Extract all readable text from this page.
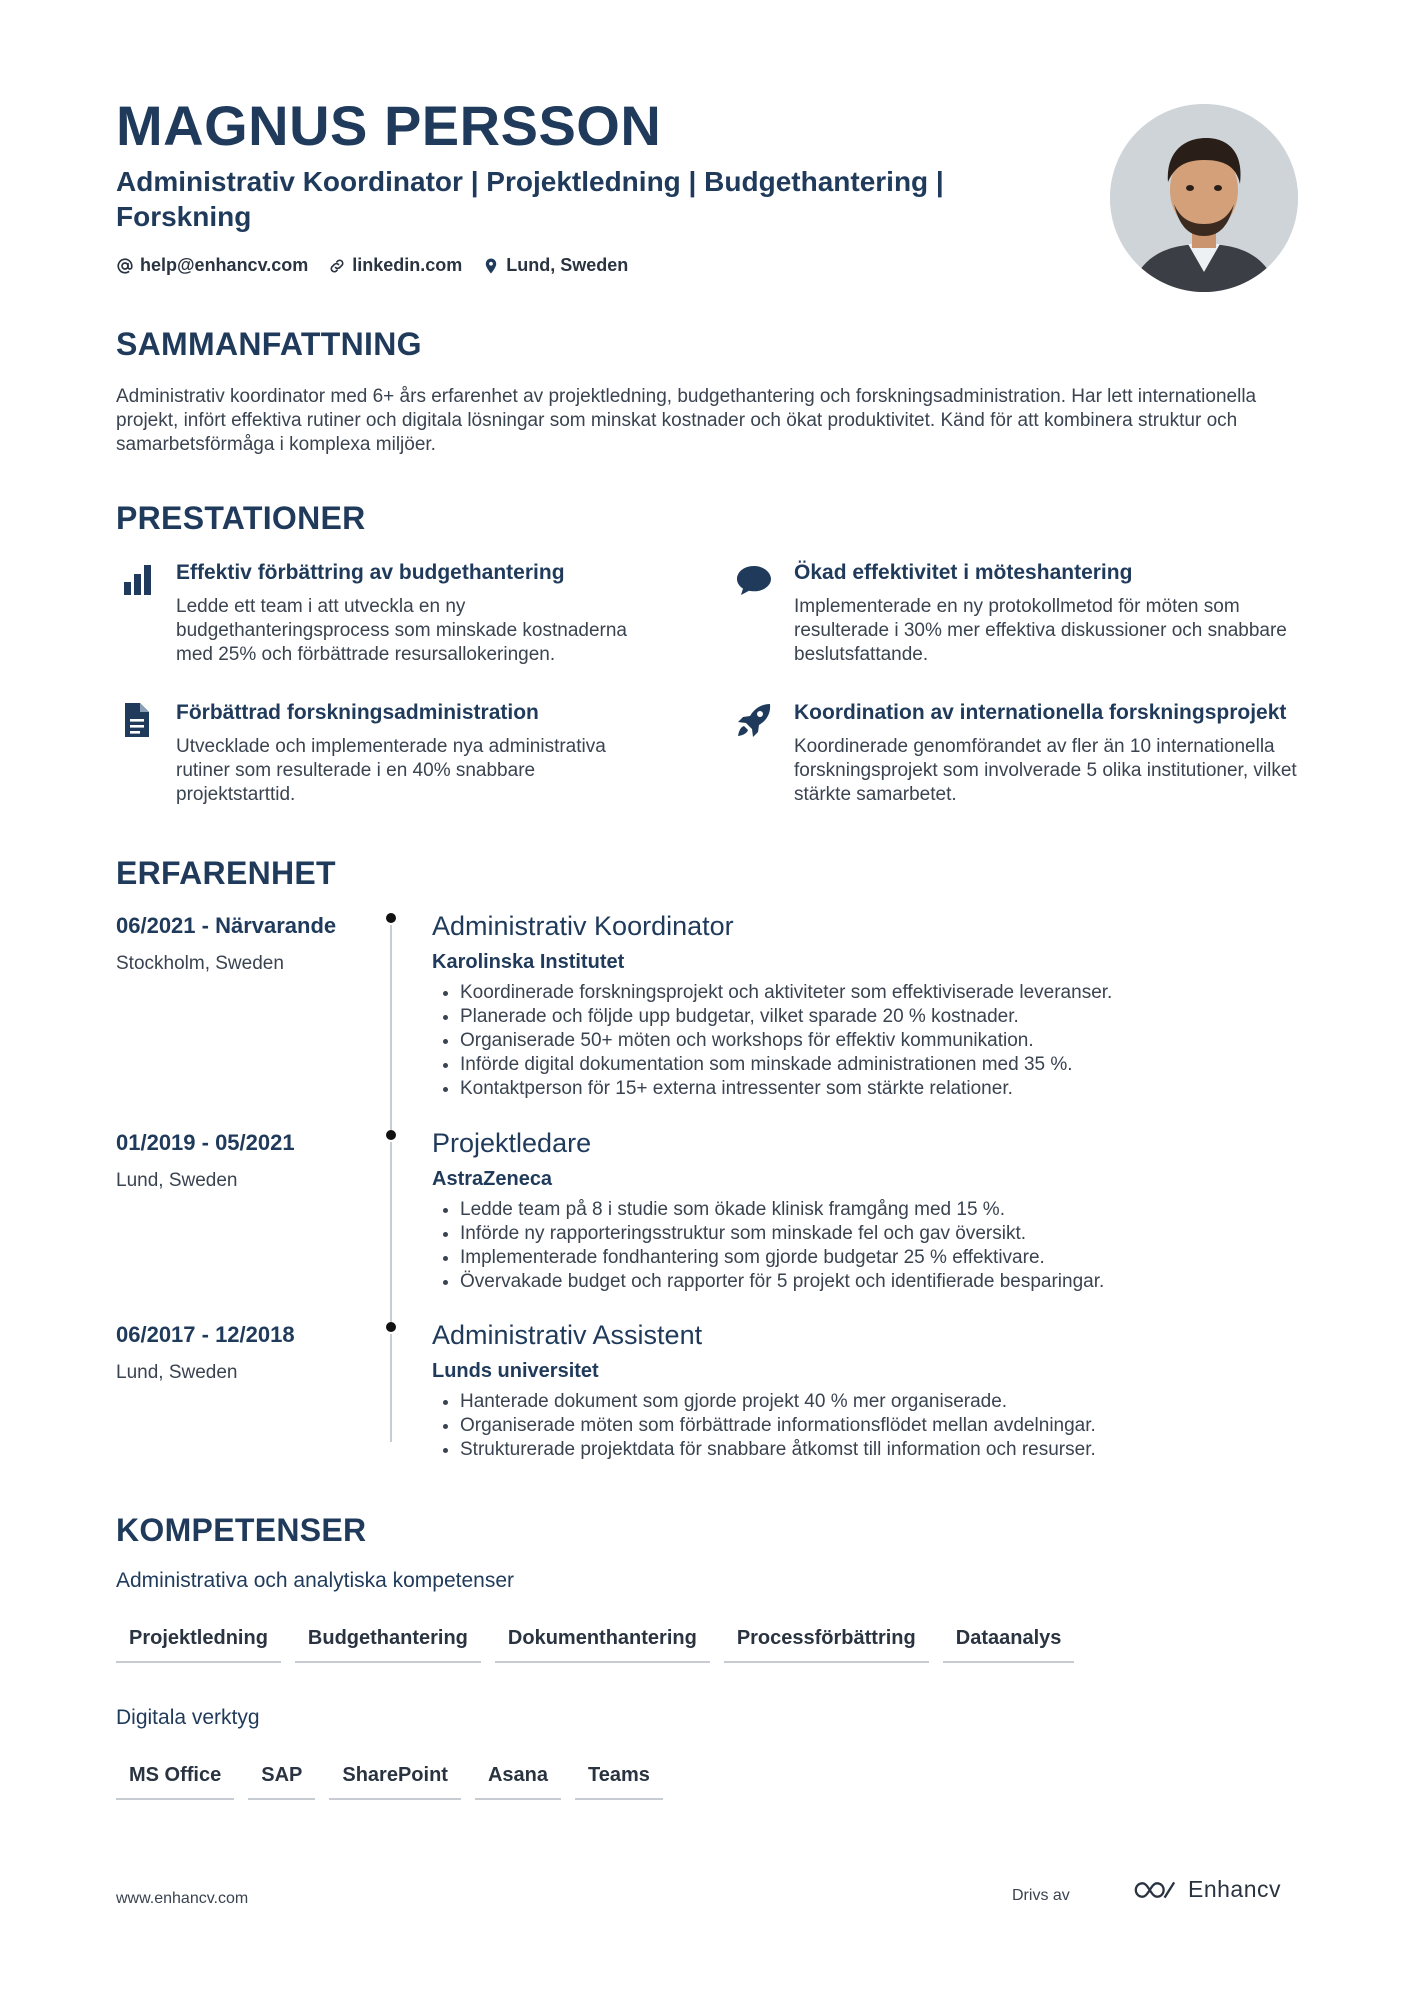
MAGNUS PERSSON

Administrativ Koordinator | Projektledning | Budgethantering | Forskning

help@enhancv.com linkedin.com Lund, Sweden
SAMMANFATTNING

Administrativ koordinator med 6+ års erfarenhet av projektledning, budgethantering och forskningsadministration. Har lett internationella projekt, infört effektiva rutiner och digitala lösningar som minskat kostnader och ökat produktivitet. Känd för att kombinera struktur och samarbetsförmåga i komplexa miljöer.

PRESTATIONER
Effektiv förbättring av budgethantering

Ledde ett team i att utveckla en ny budgethanteringsprocess som minskade kostnaderna med 25% och förbättrade resursallokeringen.

Ökad effektivitet i möteshantering

Implementerade en ny protokollmetod för möten som resulterade i 30% mer effektiva diskussioner och snabbare beslutsfattande.

Förbättrad forskningsadministration

Utvecklade och implementerade nya administrativa rutiner som resulterade i en 40% snabbare projektstarttid.

Koordination av internationella forskningsprojekt

Koordinerade genomförandet av fler än 10 internationella forskningsprojekt som involverade 5 olika institutioner, vilket stärkte samarbetet.

ERFARENHET
06/2021 - Närvarande
Stockholm, Sweden
Administrativ Koordinator
Karolinska Institutet
• Koordinerade forskningsprojekt och aktiviteter som effektiviserade leveranser.
• Planerade och följde upp budgetar, vilket sparade 20 % kostnader.
• Organiserade 50+ möten och workshops för effektiv kommunikation.
• Införde digital dokumentation som minskade administrationen med 35 %.
• Kontaktperson för 15+ externa intressenter som stärkte relationer.
01/2019 - 05/2021
Lund, Sweden
Projektledare
AstraZeneca
• Ledde team på 8 i studie som ökade klinisk framgång med 15 %.
• Införde ny rapporteringsstruktur som minskade fel och gav översikt.
• Implementerade fondhantering som gjorde budgetar 25 % effektivare.
• Övervakade budget och rapporter för 5 projekt och identifierade besparingar.
06/2017 - 12/2018
Lund, Sweden
Administrativ Assistent
Lunds universitet
• Hanterade dokument som gjorde projekt 40 % mer organiserade.
• Organiserade möten som förbättrade informationsflödet mellan avdelningar.
• Strukturerade projektdata för snabbare åtkomst till information och resurser.
KOMPETENSER

Administrativa och analytiska kompetenser

Projektledning	Budgethantering	Dokumenthantering	Processförbättring	Dataanalys

Digitala verktyg

MS Office	SAP	SharePoint	Asana	Teams
www.enhancv.com	Drivs av	Enhancv
